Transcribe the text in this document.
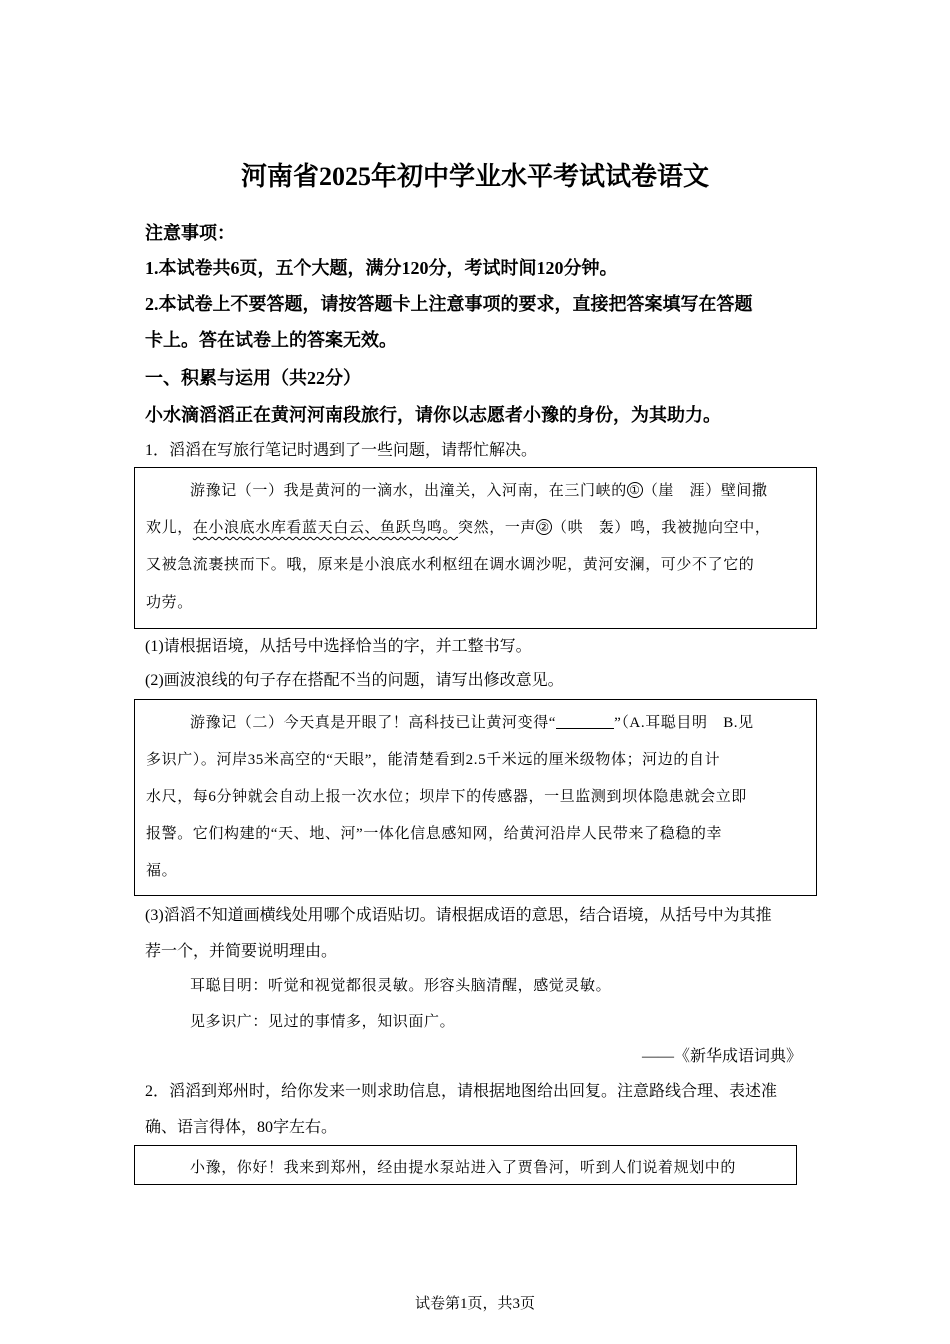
河南省2025年初中学业水平考试试卷语文
注意事项：
1.本试卷共6页，五个大题，满分120分，考试时间120分钟。
2.本试卷上不要答题，请按答题卡上注意事项的要求，直接把答案填写在答题
卡上。答在试卷上的答案无效。
一、积累与运用（共22分）
小水滴滔滔正在黄河河南段旅行，请你以志愿者小豫的身份，为其助力。
1．滔滔在写旅行笔记时遇到了一些问题，请帮忙解决。
游豫记（一）我是黄河的一滴水，出潼关，入河南，在三门峡的 ① （崖　涯）壁间撒
欢儿，在小浪底水库看蓝天白云、鱼跃鸟鸣。突然，一声 ② （哄　轰）鸣，我被抛向空中，
又被急流裹挟而下。哦，原来是小浪底水利枢纽在调水调沙呢，黄河安澜，可少不了它的
功劳。
(1)请根据语境，从括号中选择恰当的字，并工整书写。
(2)画波浪线的句子存在搭配不当的问题，请写出修改意见。
游豫记（二）今天真是开眼了！高科技已让黄河变得“	”（A.耳聪目明　B.见
多识广）。河岸35米高空的“天眼”，能清楚看到2.5千米远的厘米级物体；河边的自计
水尺，每6分钟就会自动上报一次水位；坝岸下的传感器，一旦监测到坝体隐患就会立即
报警。它们构建的“天、地、河”一体化信息感知网，给黄河沿岸人民带来了稳稳的幸
福。
(3)滔滔不知道画横线处用哪个成语贴切。请根据成语的意思，结合语境，从括号中为其推
荐一个，并简要说明理由。
耳聪目明：听觉和视觉都很灵敏。形容头脑清醒，感觉灵敏。
见多识广：见过的事情多，知识面广。
——《新华成语词典》
2．滔滔到郑州时，给你发来一则求助信息，请根据地图给出回复。注意路线合理、表述准
确、语言得体，80字左右。
小豫，你好！我来到郑州，经由提水泵站进入了贾鲁河，听到人们说着规划中的
试卷第1页，共3页
